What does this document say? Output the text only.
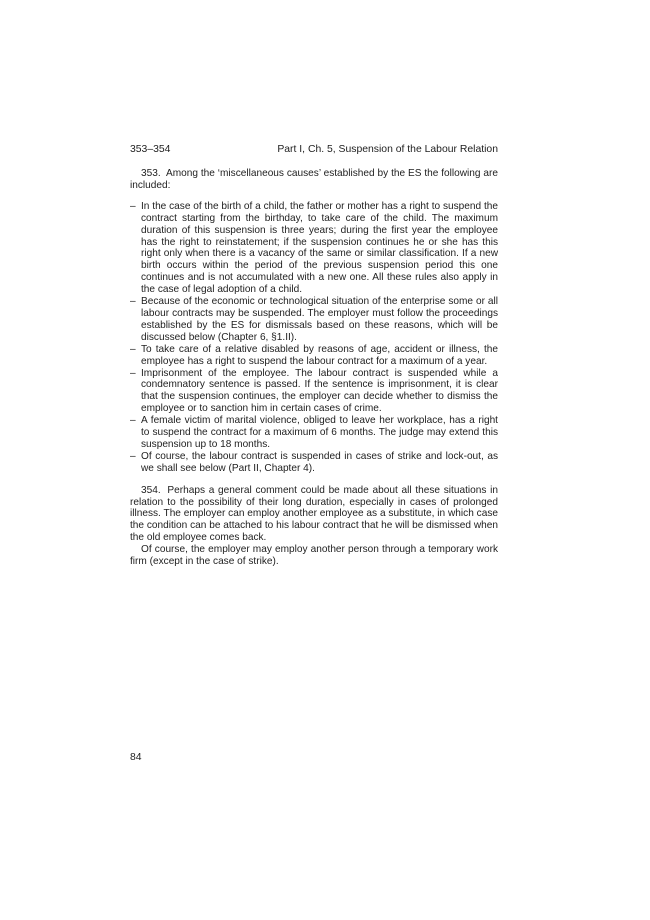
353–354	Part I, Ch. 5, Suspension of the Labour Relation

353. Among the ‘miscellaneous causes’ established by the ES the following are included:

– In the case of the birth of a child, the father or mother has a right to suspend the contract starting from the birthday, to take care of the child. The maximum duration of this suspension is three years; during the first year the employee has the right to reinstatement; if the suspension continues he or she has this right only when there is a vacancy of the same or similar classification. If a new birth occurs within the period of the previous suspension period this one continues and is not accumulated with a new one. All these rules also apply in the case of legal adoption of a child.
– Because of the economic or technological situation of the enterprise some or all labour contracts may be suspended. The employer must follow the proceedings established by the ES for dismissals based on these reasons, which will be discussed below (Chapter 6, §1.II).
– To take care of a relative disabled by reasons of age, accident or illness, the employee has a right to suspend the labour contract for a maximum of a year.
– Imprisonment of the employee. The labour contract is suspended while a condemnatory sentence is passed. If the sentence is imprisonment, it is clear that the suspension continues, the employer can decide whether to dismiss the employee or to sanction him in certain cases of crime.
– A female victim of marital violence, obliged to leave her workplace, has a right to suspend the contract for a maximum of 6 months. The judge may extend this suspension up to 18 months.
– Of course, the labour contract is suspended in cases of strike and lock-out, as we shall see below (Part II, Chapter 4).

354. Perhaps a general comment could be made about all these situations in relation to the possibility of their long duration, especially in cases of prolonged illness. The employer can employ another employee as a substitute, in which case the condition can be attached to his labour contract that he will be dismissed when the old employee comes back.

Of course, the employer may employ another person through a temporary work firm (except in the case of strike).

84
